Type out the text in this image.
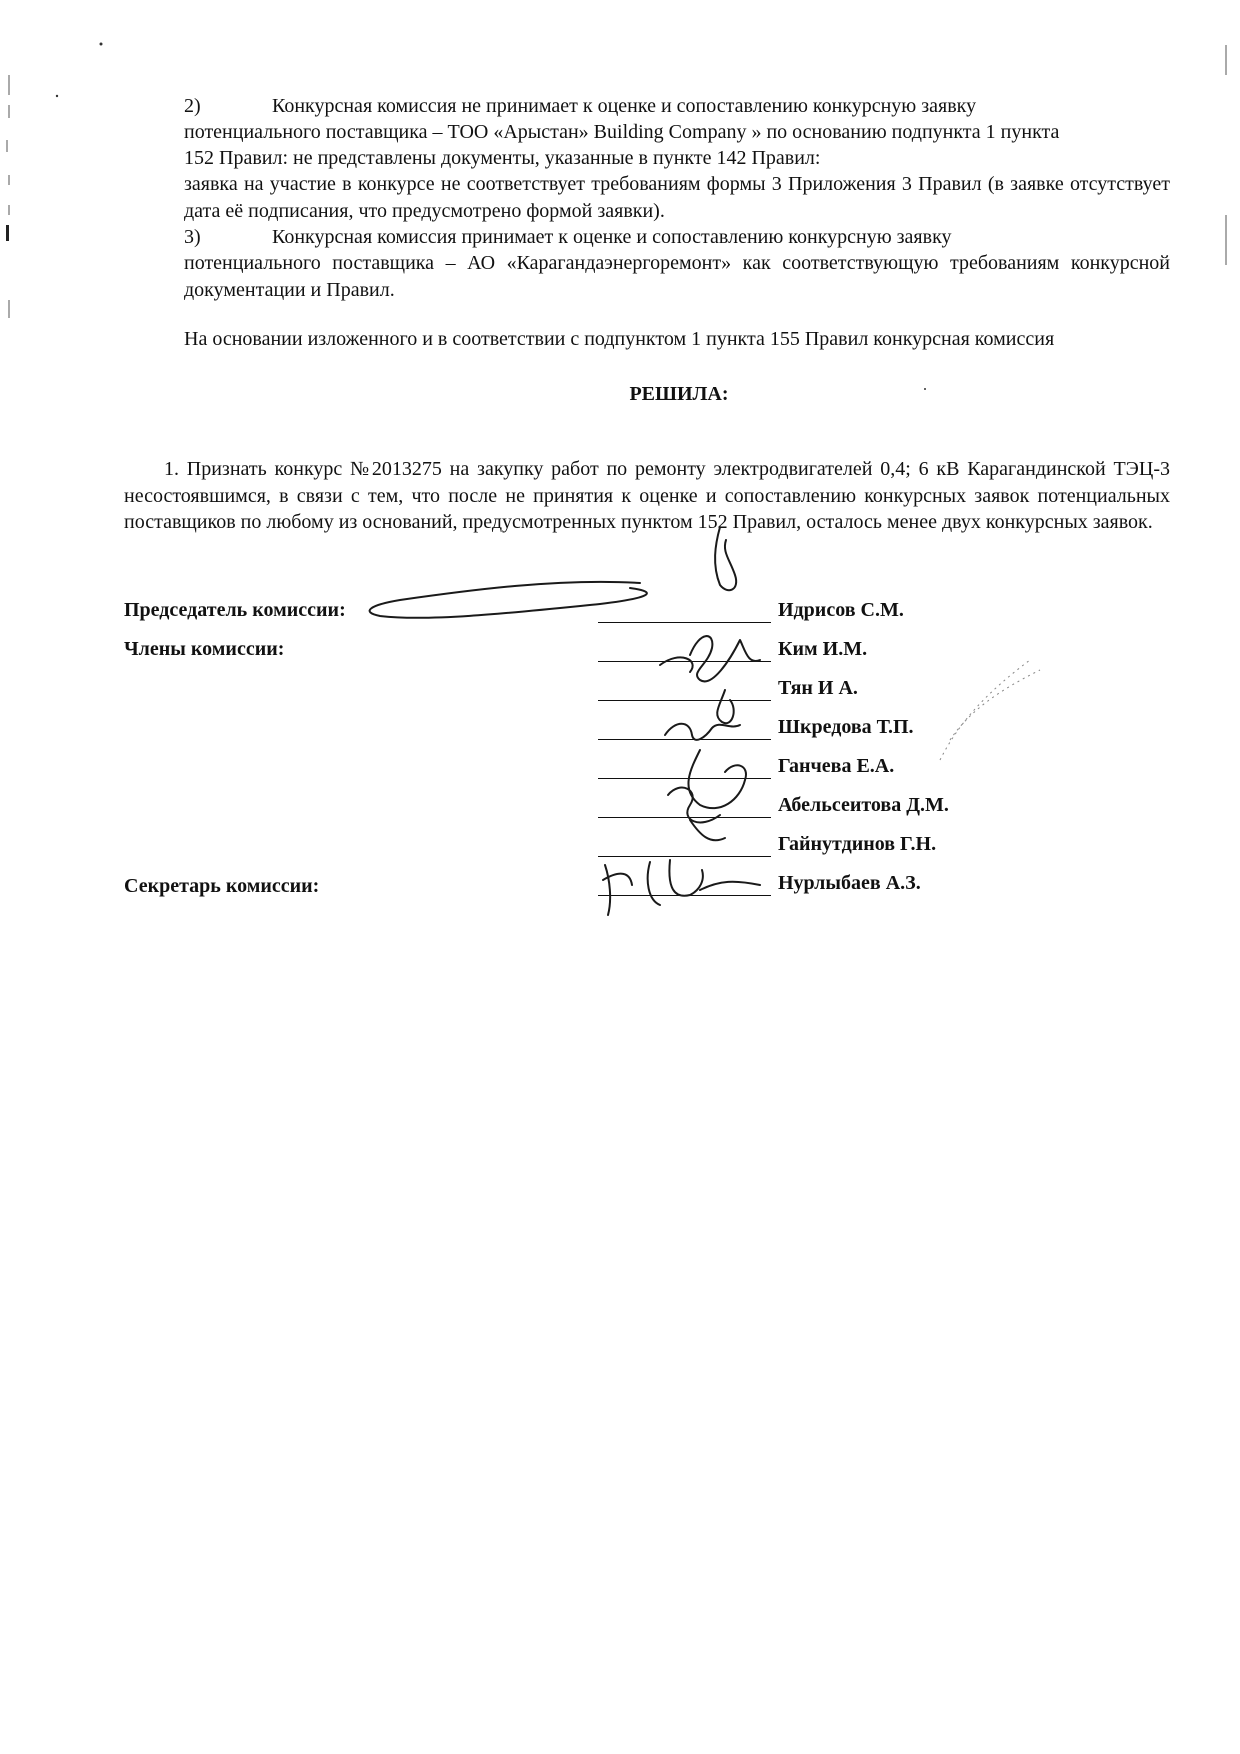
2)	Конкурсная комиссия не принимает к оценке и сопоставлению конкурсную заявку
потенциального поставщика – ТОО «Арыстан» Building Company » по основанию подпункта 1 пункта
152 Правил: не представлены документы, указанные в пункте 142 Правил:
заявка на участие в конкурсе не соответствует требованиям формы 3 Приложения 3 Правил (в заявке отсутствует дата её подписания, что предусмотрено формой заявки).
3)	Конкурсная комиссия принимает к оценке и сопоставлению конкурсную заявку
потенциального поставщика – АО «Карагандаэнергоремонт» как соответствующую требованиям конкурсной документации и Правил.
На основании изложенного и в соответствии с подпунктом 1 пункта 155 Правил конкурсная комиссия
РЕШИЛА:
1. Признать конкурс №2013275 на закупку работ по ремонту электродвигателей 0,4; 6 кВ Карагандинской ТЭЦ-3 несостоявшимся, в связи с тем, что после не принятия к оценке и сопоставлению конкурсных заявок потенциальных поставщиков по любому из оснований, предусмотренных пунктом 152 Правил, осталось менее двух конкурсных заявок.
Председатель комиссии:
Члены комиссии:
Секретарь комиссии:
Идрисов С.М.
Ким И.М.
Тян И А.
Шкредова Т.П.
Ганчева Е.А.
Абельсеитова Д.М.
Гайнутдинов Г.Н.
Нурлыбаев А.З.
